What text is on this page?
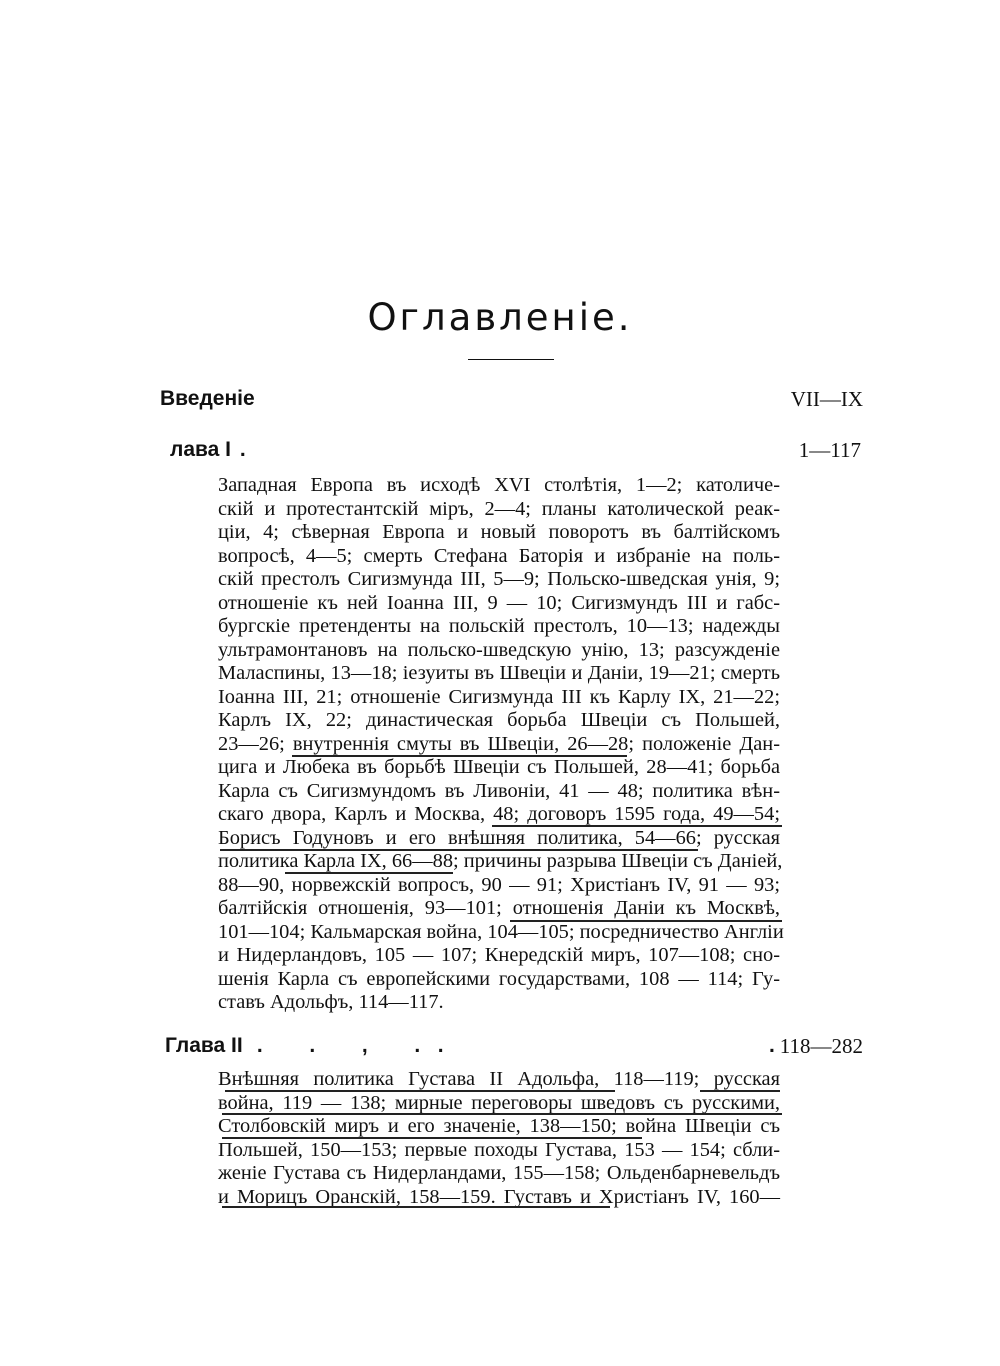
Оглавленіе.
Введеніе	VII—IX
лава I .	1—117
Западная Европа въ исходѣ XVI столѣтія, 1—2; католиче-
скій и протестантскій міръ, 2—4; планы католической реак-
ціи, 4; сѣверная Европа и новый поворотъ въ балтійскомъ
вопросѣ, 4—5; смерть Стефана Баторія и избраніе на поль-
скій престолъ Сигизмунда III, 5—9; Польско-шведская унія, 9;
отношеніе къ ней Іоанна III, 9 — 10; Сигизмундъ III и габс-
бургскіе претенденты на польскій престолъ, 10—13; надежды
ультрамонтановъ на польско-шведскую унію, 13; разсужденіе
Маласпины, 13—18; іезуиты въ Швеціи и Даніи, 19—21; смерть
Іоанна III, 21; отношеніе Сигизмунда III къ Карлу IX, 21—22;
Карлъ IX, 22; династическая борьба Швеціи съ Польшей,
23—26; внутреннія смуты въ Швеціи, 26—28; положеніе Дан-
цига и Любека въ борьбѣ Швеціи съ Польшей, 28—41; борьба
Карла съ Сигизмундомъ въ Ливоніи, 41 — 48; политика вѣн-
скаго двора, Карлъ и Москва, 48; договоръ 1595 года, 49—54;
Борисъ Годуновъ и его внѣшняя политика, 54—66; русская
политика Карла IX, 66—88; причины разрыва Швеціи съ Даніей,
88—90, норвежскій вопросъ, 90 — 91; Христіанъ IV, 91 — 93;
балтійскія отношенія, 93—101; отношенія Даніи къ Москвѣ,
101—104; Кальмарская война, 104—105; посредничество Англіи
и Нидерландовъ, 105 — 107; Кнередскій миръ, 107—108; сно-
шенія Карла съ европейскими государствами, 108 — 114; Гу-
ставъ Адольфъ, 114—117.
Глава II .        .        ,        .   .	. 118—282
Внѣшняя политика Густава II Адольфа, 118—119; русская
война, 119 — 138; мирные переговоры шведовъ съ русскими,
Столбовскій миръ и его значеніе, 138—150; война Швеціи съ
Польшей, 150—153; первые походы Густава, 153 — 154; сбли-
женіе Густава съ Нидерландами, 155—158; Ольденбарневельдъ
и Морицъ Оранскій, 158—159. Густавъ и Христіанъ IV, 160—
